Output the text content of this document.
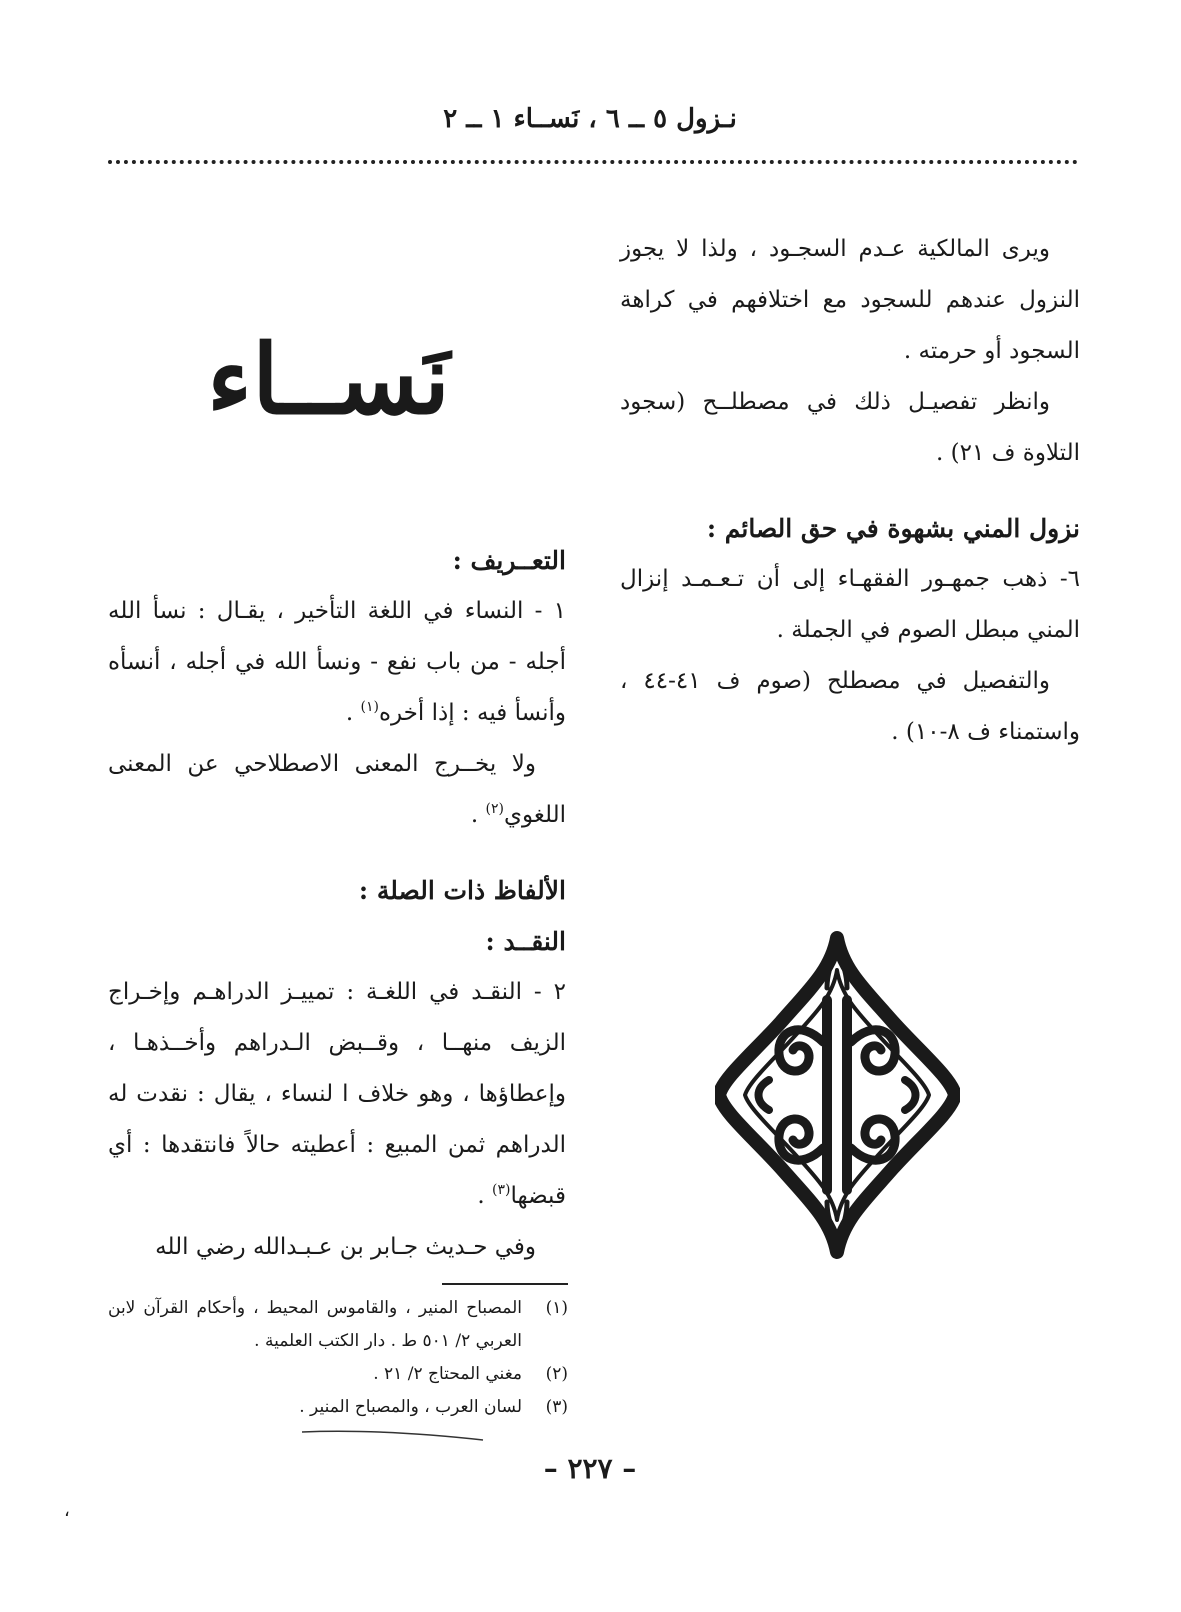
نـزول ٥ ــ ٦ ، نَســاء ١ ــ ٢

ويرى المالكية عـدم السجـود ، ولذا لا يجوز النزول عندهم للسجود مع اختلافهم في كراهة السجود أو حرمته .

وانظر تفصيـل ذلك في مصطلــح (سجود التلاوة ف ٢١) .

نزول المني بشهوة في حق الصائم :

٦- ذهب جمهـور الفقهـاء إلى أن تـعـمـد إنزال المني مبطل الصوم في الجملة .

والتفصيل في مصطلح (صوم ف ٤١-٤٤ ، واستمناء ف ٨-١٠) .

نَســاء

التعــريف :

١ - النساء في اللغة التأخير ، يقـال : نسأ الله أجله - من باب نفع - ونسأ الله في أجله ، أنسأه وأنسأ فيه : إذا أخره$^{(١)}$ .

ولا يخــرج المعنى الاصطلاحي عن المعنى اللغوي$^{(٢)}$ .

الألفاظ ذات الصلة :

النقــد :

٢ - النقـد في اللغـة : تمييـز الدراهـم وإخـراج الزيف منهــا ، وقــبض الـدراهم وأخــذهـا ، وإعطاؤها ، وهو خلاف ا لنساء ، يقال : نقدت له الدراهم ثمن المبيع : أعطيته حالاً فانتقدها : أي قبضها$^{(٣)}$ .

وفي حـديث جـابر بن عـبـدالله رضي الله

(١)
المصباح المنير ، والقاموس المحيط ، وأحكام القرآن لابن العربي ٢/ ٥٠١ ط . دار الكتب العلمية .
(٢)
مغني المحتاج ٢/ ٢١ .
(٣)
لسان العرب ، والمصباح المنير .
– ٢٢٧ –
،
